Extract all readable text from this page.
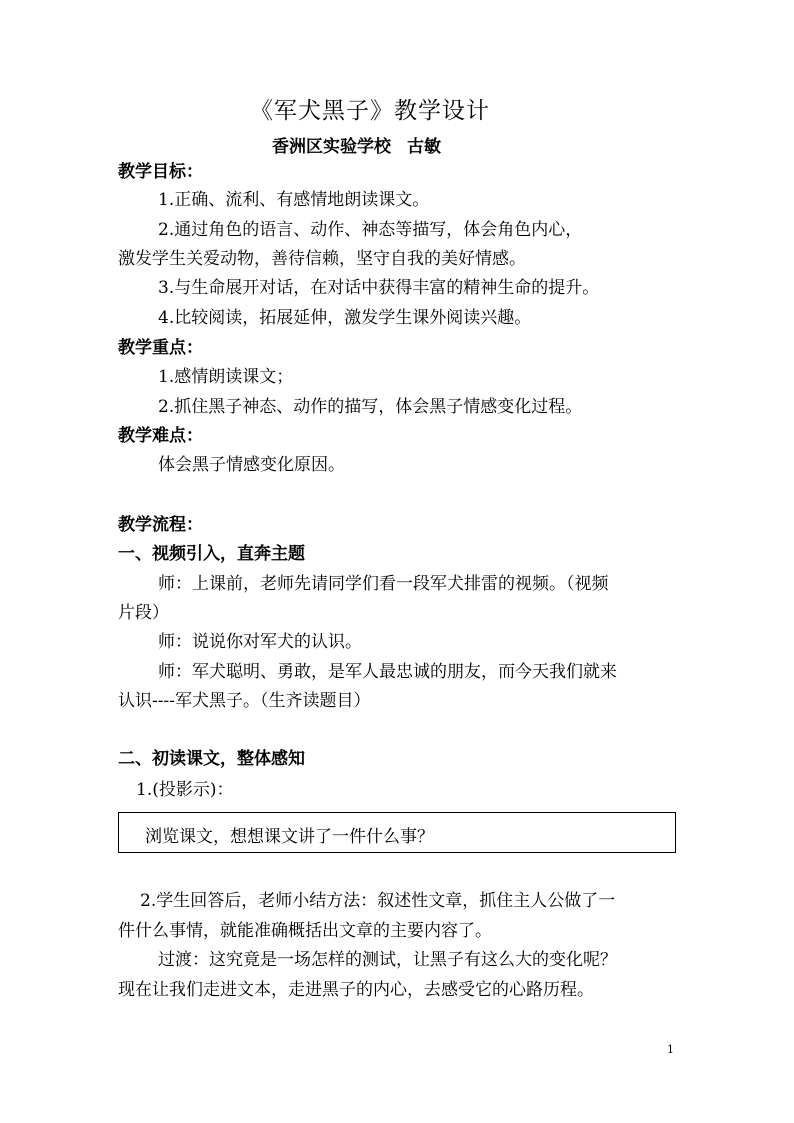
《军犬黑子》教学设计
香洲区实验学校 古敏
教学目标：
1.正确、流利、有感情地朗读课文。
2.通过角色的语言、动作、神态等描写，体会角色内心，
激发学生关爱动物，善待信赖，坚守自我的美好情感。
3.与生命展开对话，在对话中获得丰富的精神生命的提升。
4.比较阅读，拓展延伸，激发学生课外阅读兴趣。
教学重点：
1.感情朗读课文；
2.抓住黑子神态、动作的描写，体会黑子情感变化过程。
教学难点：
体会黑子情感变化原因。
教学流程：
一、视频引入，直奔主题
师：上课前，老师先请同学们看一段军犬排雷的视频。（视频
片段）
师：说说你对军犬的认识。
师：军犬聪明、勇敢，是军人最忠诚的朋友，而今天我们就来
认识----军犬黑子。（生齐读题目）
二、初读课文，整体感知
1.(投影示)：
浏览课文，想想课文讲了一件什么事？
2.学生回答后，老师小结方法：叙述性文章，抓住主人公做了一
件什么事情，就能准确概括出文章的主要内容了。
过渡：这究竟是一场怎样的测试，让黑子有这么大的变化呢？
现在让我们走进文本，走进黑子的内心，去感受它的心路历程。
1
